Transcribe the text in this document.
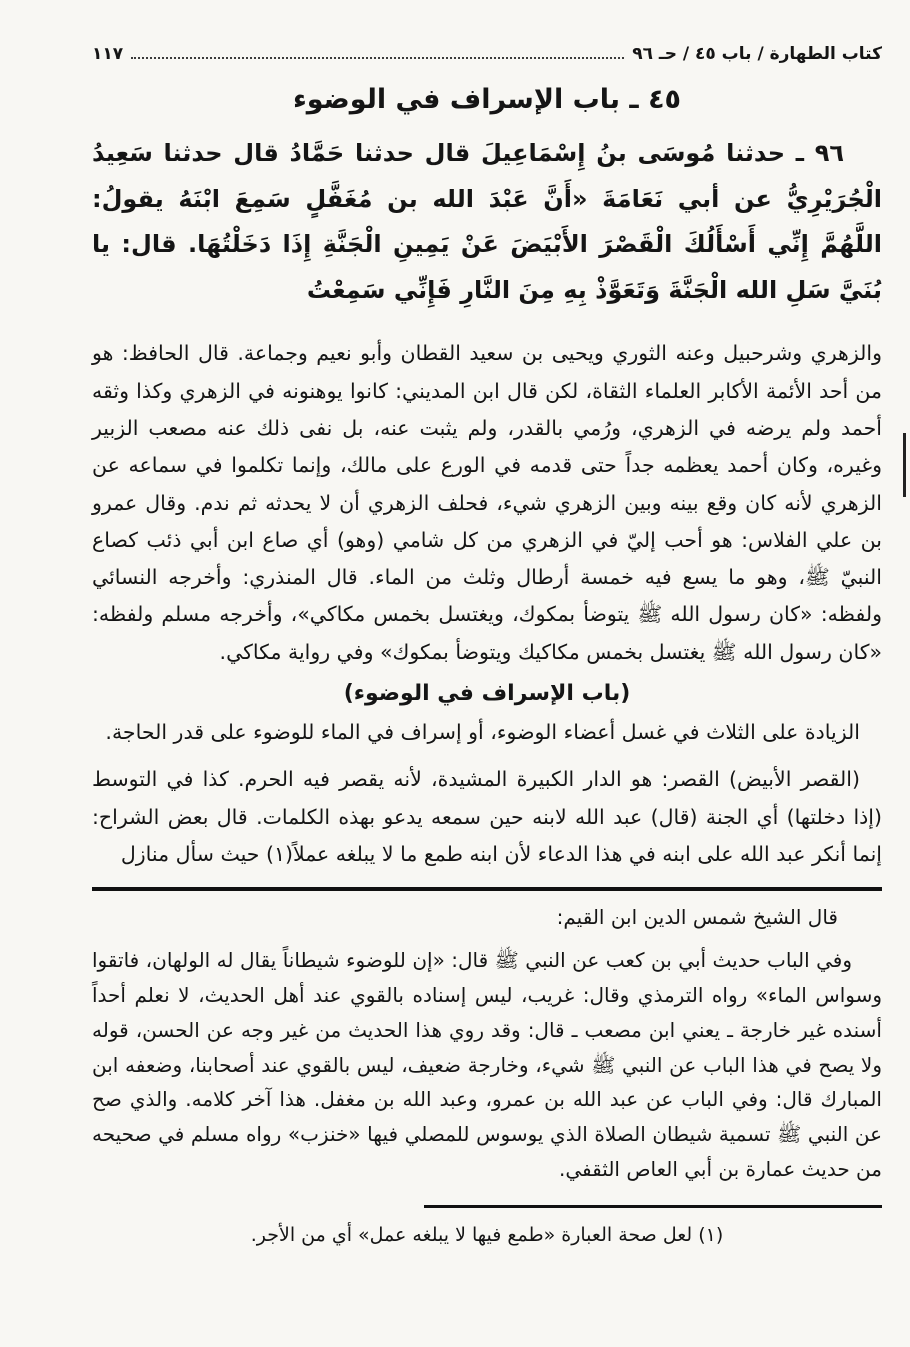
كتاب الطهارة / باب ٤٥ / حـ ٩٦
١١٧
٤٥ ـ باب الإسراف في الوضوء

٩٦ ـ حدثنا مُوسَى بنُ إِسْمَاعِيلَ قال حدثنا حَمَّادُ قال حدثنا سَعِيدُ الْجُرَيْرِيُّ عن أبي نَعَامَةَ «أَنَّ عَبْدَ الله بن مُغَفَّلٍ سَمِعَ ابْنَهُ يقولُ: اللَّهُمَّ إِنِّي أَسْأَلُكَ الْقَصْرَ الأَبْيَضَ عَنْ يَمِينِ الْجَنَّةِ إِذَا دَخَلْتُهَا. قال: يا بُنَيَّ سَلِ الله الْجَنَّةَ وَتَعَوَّذْ بِهِ مِنَ النَّارِ فَإِنِّي سَمِعْتُ

والزهري وشرحبيل وعنه الثوري ويحيى بن سعيد القطان وأبو نعيم وجماعة. قال الحافظ: هو من أحد الأئمة الأكابر العلماء الثقاة، لكن قال ابن المديني: كانوا يوهنونه في الزهري وكذا وثقه أحمد ولم يرضه في الزهري، ورُمي بالقدر، ولم يثبت عنه، بل نفى ذلك عنه مصعب الزبير وغيره، وكان أحمد يعظمه جداً حتى قدمه في الورع على مالك، وإنما تكلموا في سماعه عن الزهري لأنه كان وقع بينه وبين الزهري شيء، فحلف الزهري أن لا يحدثه ثم ندم. وقال عمرو بن علي الفلاس: هو أحب إليّ في الزهري من كل شامي (وهو) أي صاع ابن أبي ذئب كصاع النبيّ ﷺ، وهو ما يسع فيه خمسة أرطال وثلث من الماء. قال المنذري: وأخرجه النسائي ولفظه: «كان رسول الله ﷺ يتوضأ بمكوك، ويغتسل بخمس مكاكي»، وأخرجه مسلم ولفظه: «كان رسول الله ﷺ يغتسل بخمس مكاكيك ويتوضأ بمكوك» وفي رواية مكاكي.

(باب الإسراف في الوضوء)

الزيادة على الثلاث في غسل أعضاء الوضوء، أو إسراف في الماء للوضوء على قدر الحاجة.

(القصر الأبيض) القصر: هو الدار الكبيرة المشيدة، لأنه يقصر فيه الحرم. كذا في التوسط (إذا دخلتها) أي الجنة (قال) عبد الله لابنه حين سمعه يدعو بهذه الكلمات. قال بعض الشراح: إنما أنكر عبد الله على ابنه في هذا الدعاء لأن ابنه طمع ما لا يبلغه عملاً(١) حيث سأل منازل

قال الشيخ شمس الدين ابن القيم:

وفي الباب حديث أبي بن كعب عن النبي ﷺ قال: «إن للوضوء شيطاناً يقال له الولهان، فاتقوا وسواس الماء» رواه الترمذي وقال: غريب، ليس إسناده بالقوي عند أهل الحديث، لا نعلم أحداً أسنده غير خارجة ـ يعني ابن مصعب ـ قال: وقد روي هذا الحديث من غير وجه عن الحسن، قوله ولا يصح في هذا الباب عن النبي ﷺ شيء، وخارجة ضعيف، ليس بالقوي عند أصحابنا، وضعفه ابن المبارك قال: وفي الباب عن عبد الله بن عمرو، وعبد الله بن مغفل. هذا آخر كلامه. والذي صح عن النبي ﷺ تسمية شيطان الصلاة الذي يوسوس للمصلي فيها «خنزب» رواه مسلم في صحيحه من حديث عمارة بن أبي العاص الثقفي.

(١) لعل صحة العبارة «طمع فيها لا يبلغه عمل» أي من الأجر.
